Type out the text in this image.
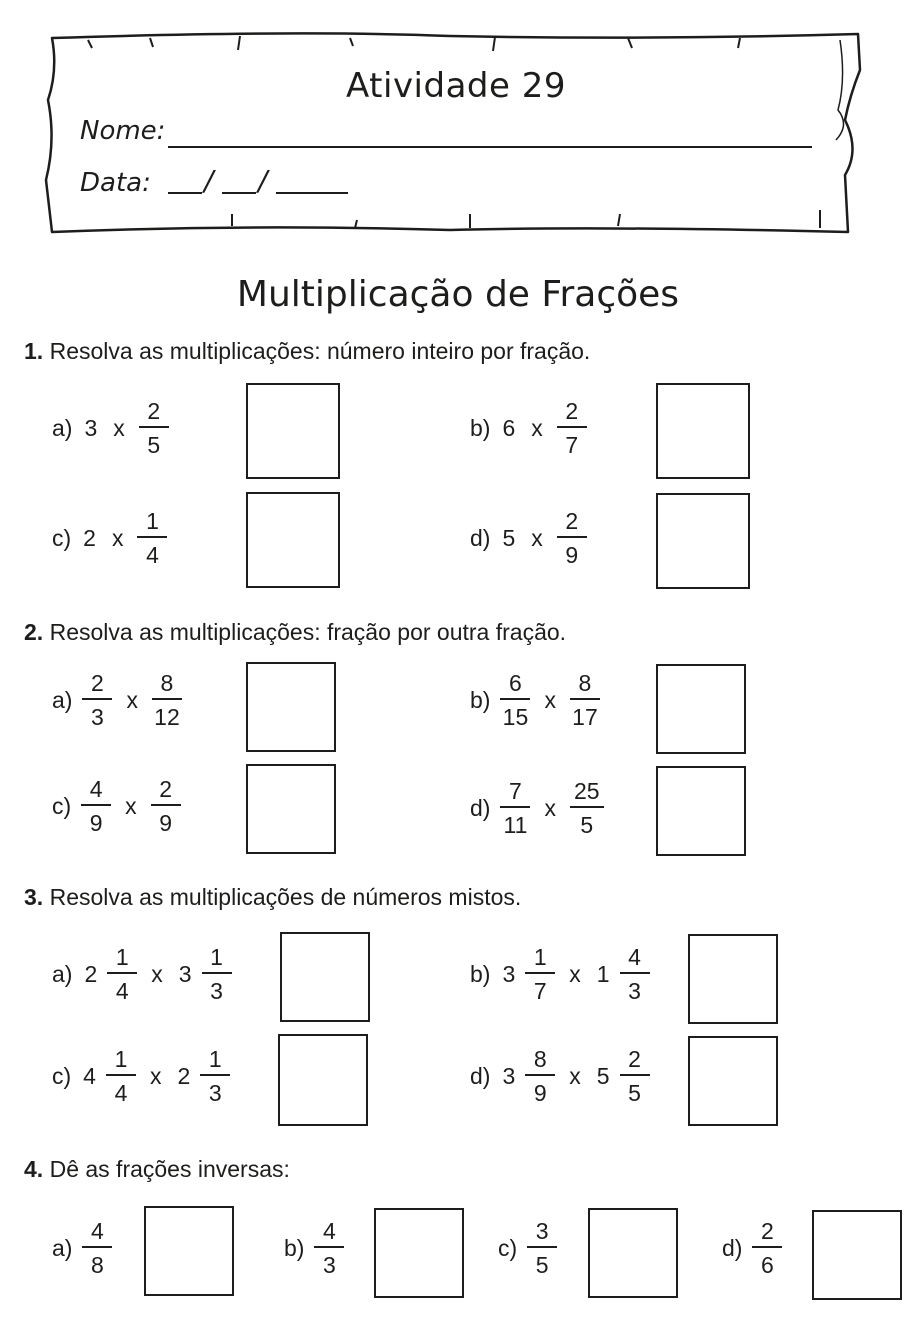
Atividade 29
Nome:
Data: / /
Multiplicação de Frações
1. Resolva as multiplicações: número inteiro por fração.
a) 3 x $\frac{2}{5}$	b) 6 x $\frac{2}{7}$
c) 2 x $\frac{1}{4}$	d) 5 x $\frac{2}{9}$
2. Resolva as multiplicações: fração por outra fração.
$a) \frac{2}{3}$ x $\frac{8}{12}$	$b) \frac{6}{15}$ x $\frac{8}{17}$
$c) \frac{4}{9}$ x $\frac{2}{9}$	$d) \frac{7}{11}$ x $\frac{25}{5}$
3. Resolva as multiplicações de números mistos.
a) $2 \frac{1}{4}$ x $3 \frac{1}{3}$	b) $3 \frac{1}{7}$ x $1 \frac{4}{3}$
c) $4 \frac{1}{4}$ x $2 \frac{1}{3}$	d) $3 \frac{8}{9}$ x $5 \frac{2}{5}$
4. Dê as frações inversas:
$a) \frac{4}{8}$	$b) \frac{4}{3}$	$c) \frac{3}{5}$	$d) \frac{2}{6}$
